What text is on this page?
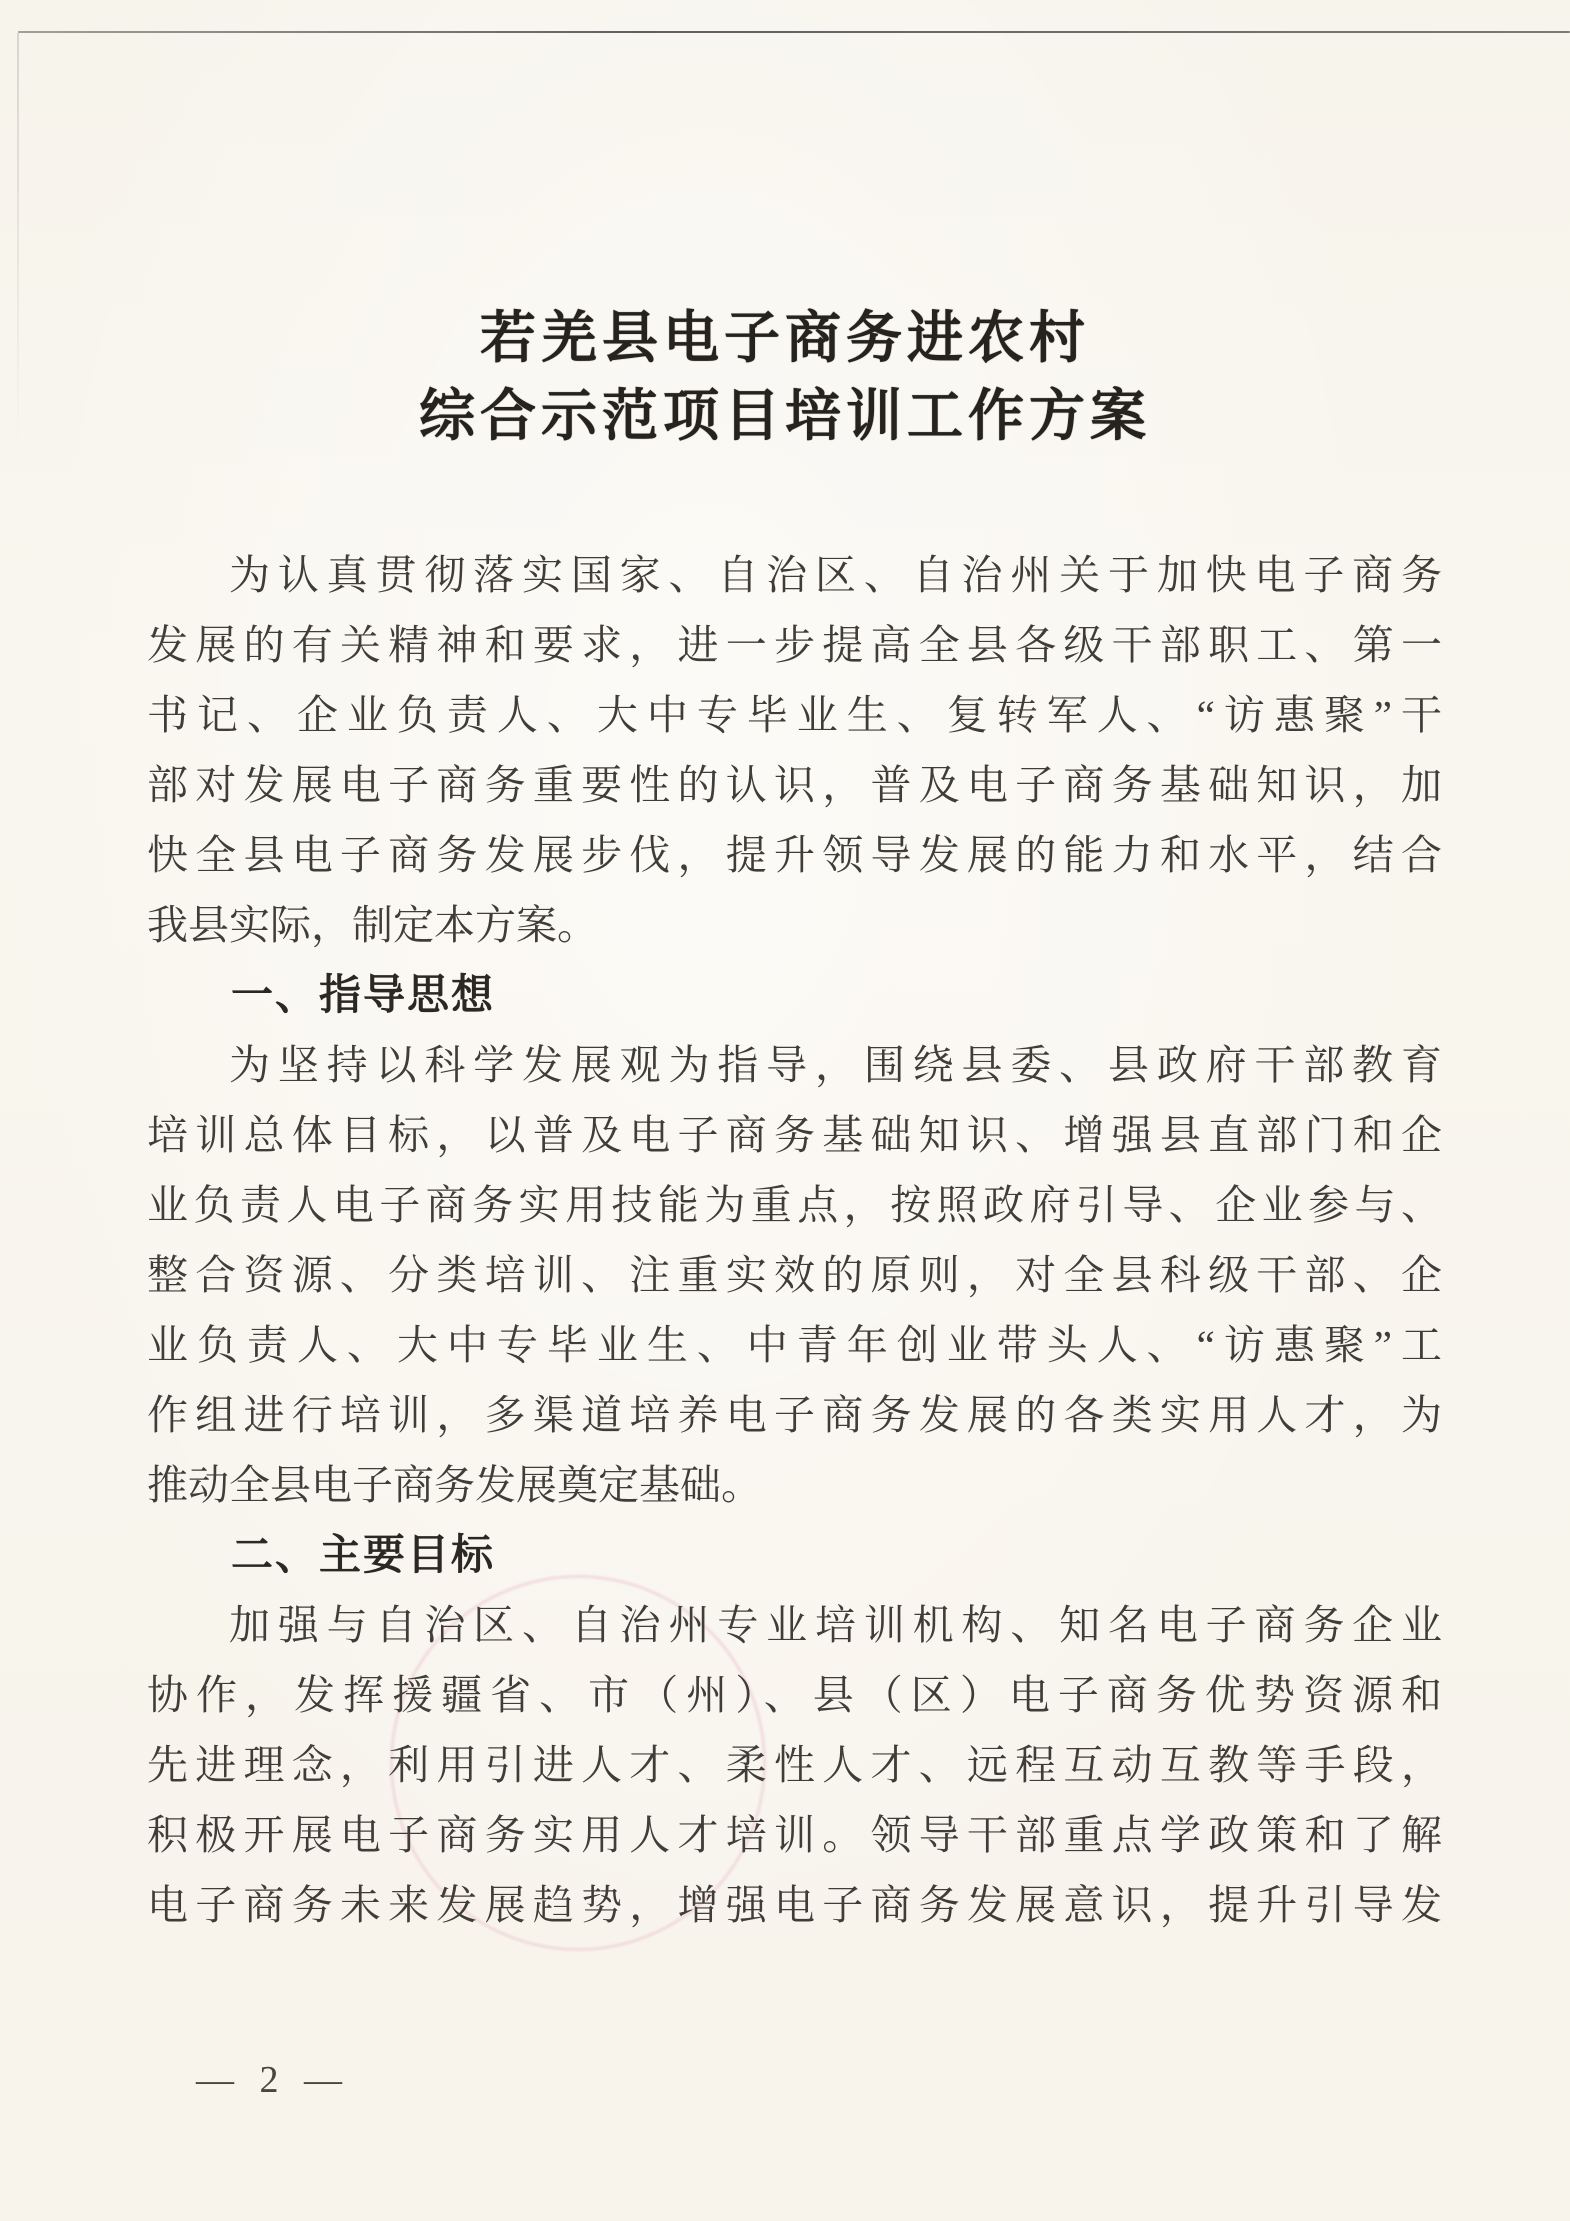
若羌县电子商务进农村
综合示范项目培训工作方案
为认真贯彻落实国家、自治区、自治州关于加快电子商务
发展的有关精神和要求，进一步提高全县各级干部职工、第一
书记、企业负责人、大中专毕业生、复转军人、“访惠聚”干
部对发展电子商务重要性的认识，普及电子商务基础知识，加
快全县电子商务发展步伐，提升领导发展的能力和水平，结合
我县实际，制定本方案。
一、指导思想
为坚持以科学发展观为指导，围绕县委、县政府干部教育
培训总体目标，以普及电子商务基础知识、增强县直部门和企
业负责人电子商务实用技能为重点，按照政府引导、企业参与、
整合资源、分类培训、注重实效的原则，对全县科级干部、企
业负责人、大中专毕业生、中青年创业带头人、“访惠聚”工
作组进行培训，多渠道培养电子商务发展的各类实用人才，为
推动全县电子商务发展奠定基础。
二、主要目标
加强与自治区、自治州专业培训机构、知名电子商务企业
协作，发挥援疆省、市（州）、县（区）电子商务优势资源和
先进理念，利用引进人才、柔性人才、远程互动互教等手段，
积极开展电子商务实用人才培训。领导干部重点学政策和了解
电子商务未来发展趋势，增强电子商务发展意识，提升引导发
— 2 —
